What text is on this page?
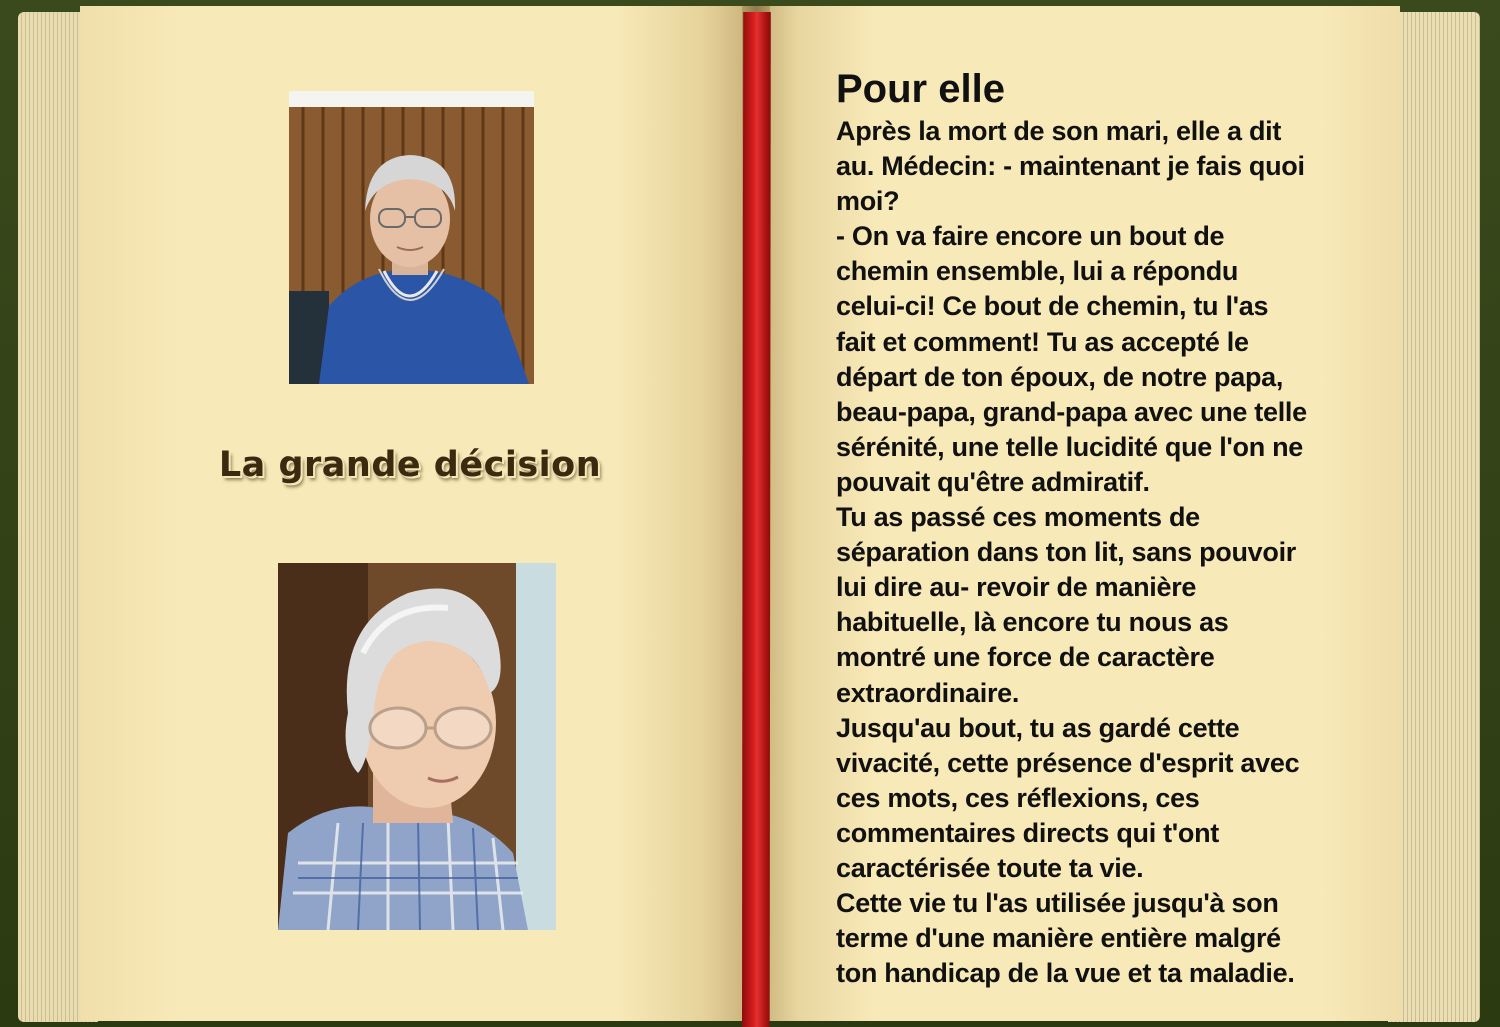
La grande décision
Pour elle
Après la mort de son mari, elle a dit
au. Médecin: - maintenant je fais quoi
moi?
- On va faire encore un bout de
chemin ensemble, lui a répondu
celui-ci! Ce bout de chemin, tu l'as
fait et comment! Tu as accepté le
départ de ton époux, de notre papa,
beau-papa, grand-papa avec une telle
sérénité, une telle lucidité que l'on ne
pouvait qu'être admiratif.
Tu as passé ces moments de
séparation dans ton lit, sans pouvoir
lui dire au- revoir de manière
habituelle, là encore tu nous as
montré une force de caractère
extraordinaire.
Jusqu'au bout, tu as gardé cette
vivacité, cette présence d'esprit avec
ces mots, ces réflexions, ces
commentaires directs qui t'ont
caractérisée toute ta vie.
Cette vie tu l'as utilisée jusqu'à son
terme d'une manière entière malgré
ton handicap de la vue et ta maladie.
